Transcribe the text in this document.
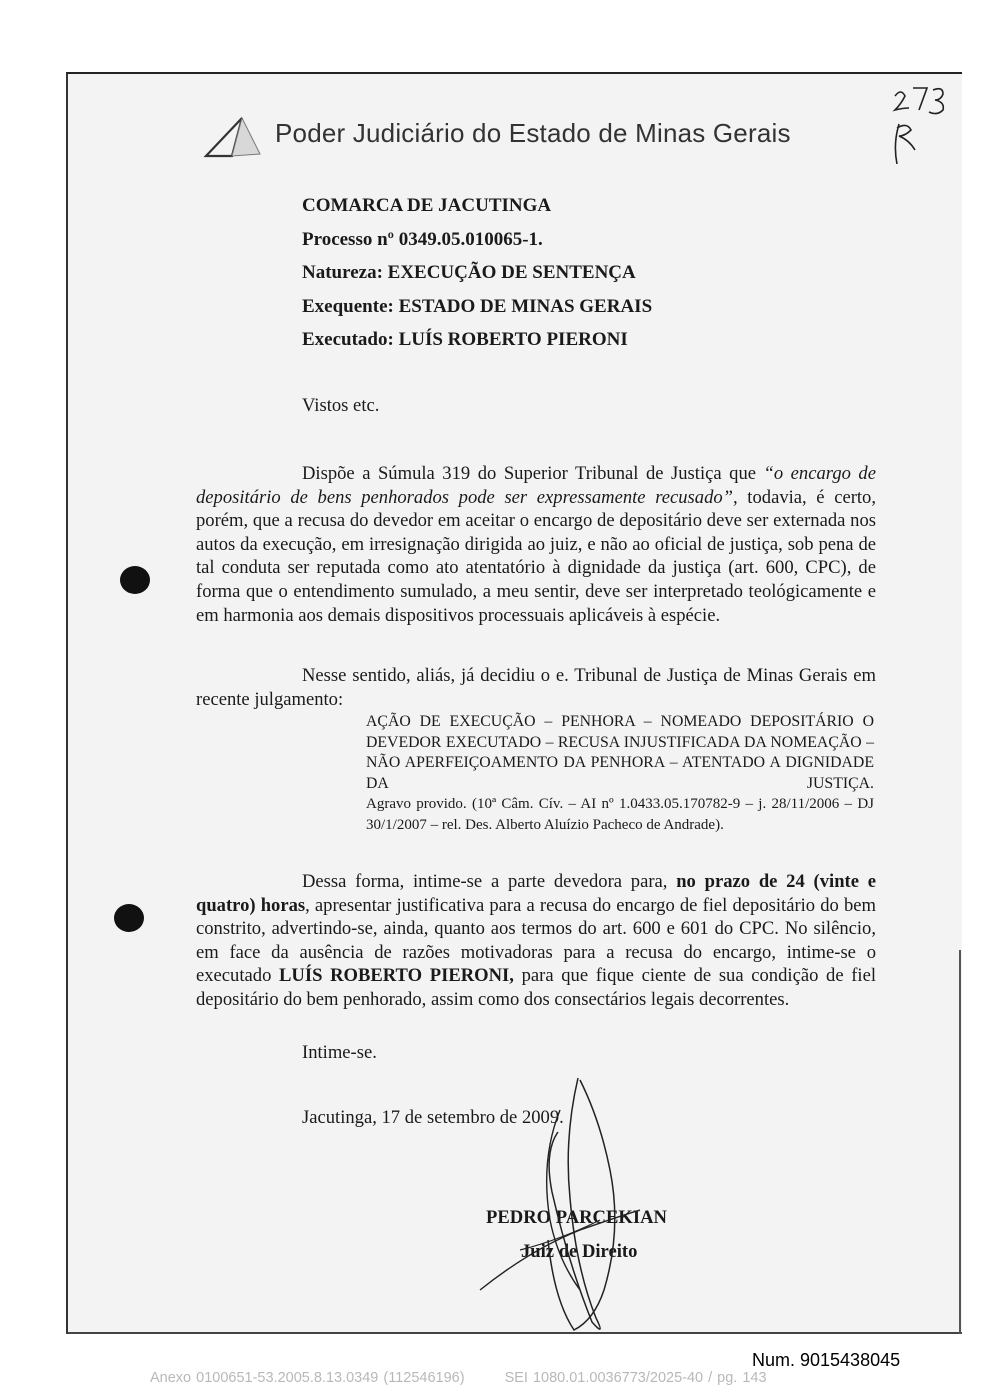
Poder Judiciário do Estado de Minas Gerais
COMARCA DE JACUTINGA
Processo nº 0349.05.010065-1.
Natureza: EXECUÇÃO DE SENTENÇA
Exequente: ESTADO DE MINAS GERAIS
Executado: LUÍS ROBERTO PIERONI
Vistos etc.

Dispõe a Súmula 319 do Superior Tribunal de Justiça que “o encargo de depositário de bens penhorados pode ser expressamente recusado”, todavia, é certo, porém, que a recusa do devedor em aceitar o encargo de depositário deve ser externada nos autos da execução, em irresignação dirigida ao juiz, e não ao oficial de justiça, sob pena de tal conduta ser reputada como ato atentatório à dignidade da justiça (art. 600, CPC), de forma que o entendimento sumulado, a meu sentir, deve ser interpretado teológicamente e em harmonia aos demais dispositivos processuais aplicáveis à espécie.

Nesse sentido, aliás, já decidiu o e. Tribunal de Justiça de Minas Gerais em recente julgamento:

AÇÃO DE EXECUÇÃO – PENHORA – NOMEADO DEPOSITÁRIO O DEVEDOR EXECUTADO – RECUSA INJUSTIFICADA DA NOMEAÇÃO – NÃO APERFEIÇOAMENTO DA PENHORA – ATENTADO A DIGNIDADE DA JUSTIÇA.
Agravo provido. (10ª Câm. Cív. – AI nº 1.0433.05.170782-9 – j. 28/11/2006 – DJ 30/1/2007 – rel. Des. Alberto Aluízio Pacheco de Andrade).

Dessa forma, intime-se a parte devedora para, no prazo de 24 (vinte e quatro) horas, apresentar justificativa para a recusa do encargo de fiel depositário do bem constrito, advertindo-se, ainda, quanto aos termos do art. 600 e 601 do CPC. No silêncio, em face da ausência de razões motivadoras para a recusa do encargo, intime-se o executado LUÍS ROBERTO PIERONI, para que fique ciente de sua condição de fiel depositário do bem penhorado, assim como dos consectários legais decorrentes.

Intime-se.
Jacutinga, 17 de setembro de 2009.
PEDRO PARCEKIAN
Juiz de Direito
Num. 9015438045
Anexo 0100651-53.2005.8.13.0349 (112546196)	SEI 1080.01.0036773/2025-40 / pg. 143
